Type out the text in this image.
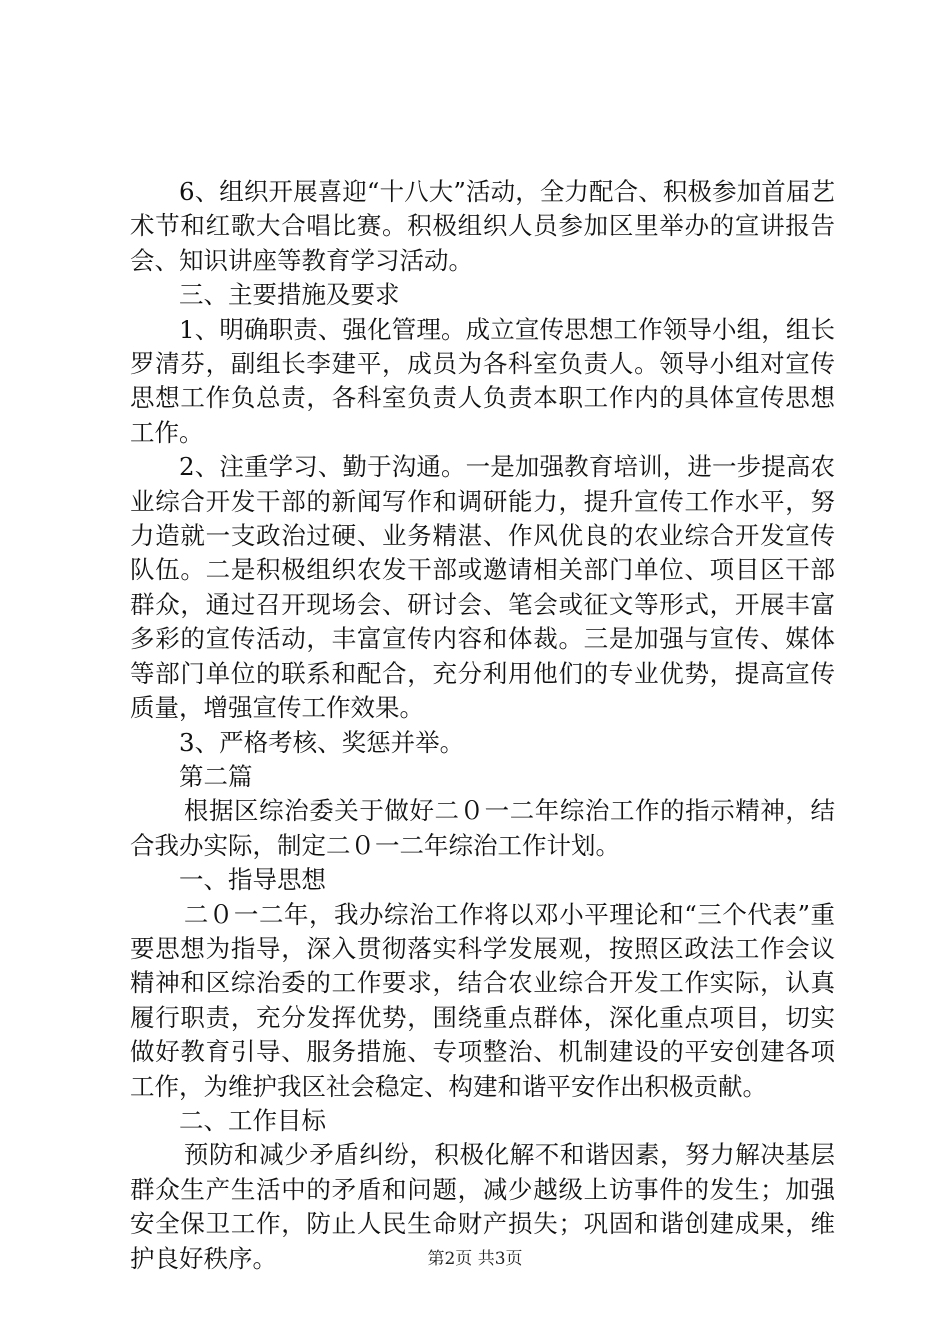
6、组织开展喜迎“十八大”活动，全力配合、积极参加首届艺术节和红歌大合唱比赛。积极组织人员参加区里举办的宣讲报告会、知识讲座等教育学习活动。

三、主要措施及要求

1、明确职责、强化管理。成立宣传思想工作领导小组，组长罗清芬，副组长李建平，成员为各科室负责人。领导小组对宣传思想工作负总责，各科室负责人负责本职工作内的具体宣传思想工作。

2、注重学习、勤于沟通。一是加强教育培训，进一步提高农业综合开发干部的新闻写作和调研能力，提升宣传工作水平，努力造就一支政治过硬、业务精湛、作风优良的农业综合开发宣传队伍。二是积极组织农发干部或邀请相关部门单位、项目区干部群众，通过召开现场会、研讨会、笔会或征文等形式，开展丰富多彩的宣传活动，丰富宣传内容和体裁。三是加强与宣传、媒体等部门单位的联系和配合，充分利用他们的专业优势，提高宣传质量，增强宣传工作效果。

3、严格考核、奖惩并举。

第二篇

根据区综治委关于做好二０一二年综治工作的指示精神，结合我办实际，制定二０一二年综治工作计划。

一、指导思想

二０一二年，我办综治工作将以邓小平理论和“三个代表”重要思想为指导，深入贯彻落实科学发展观，按照区政法工作会议精神和区综治委的工作要求，结合农业综合开发工作实际，认真履行职责，充分发挥优势，围绕重点群体，深化重点项目，切实做好教育引导、服务措施、专项整治、机制建设的平安创建各项工作，为维护我区社会稳定、构建和谐平安作出积极贡献。

二、工作目标

预防和减少矛盾纠纷，积极化解不和谐因素，努力解决基层群众生产生活中的矛盾和问题，减少越级上访事件的发生；加强安全保卫工作，防止人民生命财产损失；巩固和谐创建成果，维护良好秩序。	第2页 共3页
